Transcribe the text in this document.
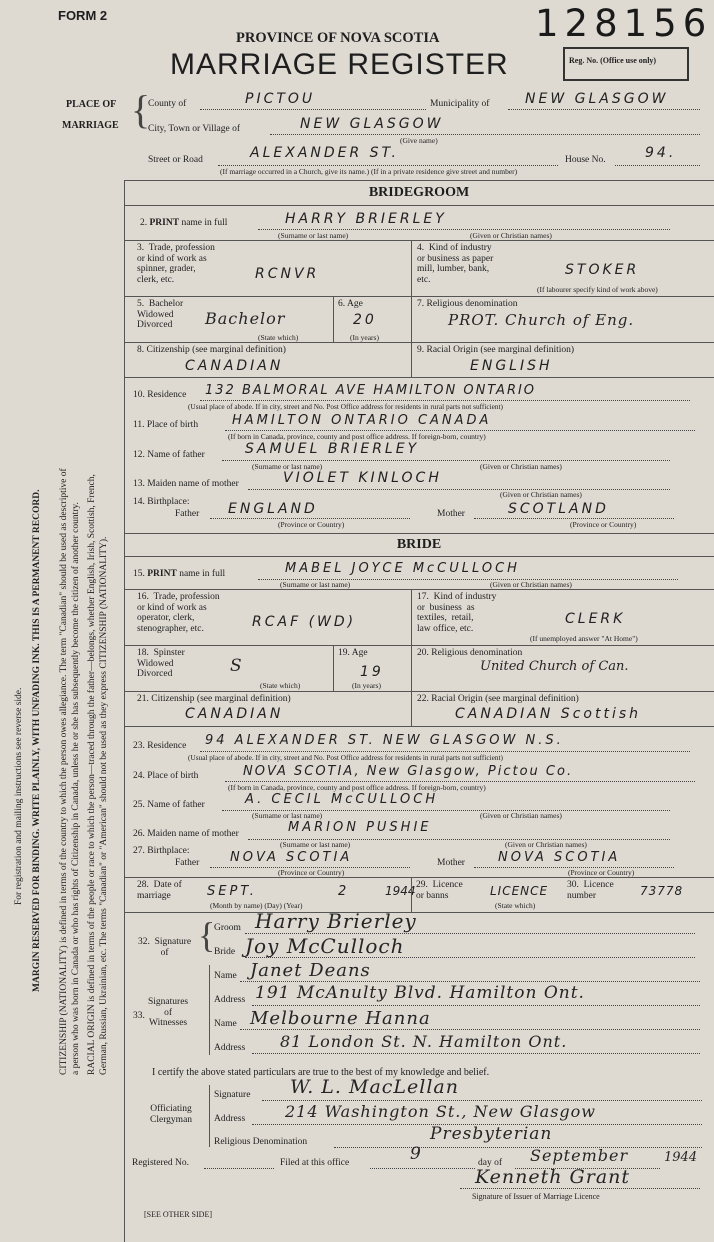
FORM 2
PROVINCE OF NOVA SCOTIA
MARRIAGE REGISTER
128156
Reg. No. (Office use only)
PLACE OF
MARRIAGE {
County of	PICTOU	Municipality of	NEW GLASGOW
City, Town or Village of	NEW GLASGOW
(Give name)
Street or Road	ALEXANDER ST.	House No.	94.
(If marriage occurred in a Church, give its name.) (If in a private residence give street and number)
For registration and mailing instructions see reverse side. MARGIN RESERVED FOR BINDING. WRITE PLAINLY, WITH UNFADING INK. THIS IS A PERMANENT RECORD. CITIZENSHIP (NATIONALITY) is defined in terms of the country to which the person owes allegiance. The term "Canadian" should be used as descriptive of a person who was born in Canada or who has rights of Citizenship in Canada, unless he or she has subsequently become the citizen of another country. RACIAL ORIGIN is defined in terms of the people or race to which the person—traced through the father—belongs, whether English, Irish, Scottish, French, German, Russian, Ukrainian, etc. The terms "Canadian" or "American" should not be used as they express CITIZENSHIP (NATIONALITY).
BRIDEGROOM
2. PRINT name in full	HARRY BRIERLEY
(Surname or last name)	(Given or Christian names)
3.  Trade, profession
or kind of work as
spinner, grader,
clerk, etc.	RCNVR
4.  Kind of industry
or business as paper
mill, lumber, bank,
etc.
STOKER
(If labourer specify kind of work above)
5.  Bachelor
Widowed
Divorced	Bachelor
(State which)
6. Age
20
(In years)
7. Religious denomination
PROT. Church of Eng.
8. Citizenship (see marginal definition)
CANADIAN
9. Racial Origin (see marginal definition)
ENGLISH
10. Residence 132 BALMORAL AVE HAMILTON ONTARIO
(Usual place of abode. If in city, street and No. Post Office address for residents in rural parts not sufficient)
11. Place of birth	HAMILTON ONTARIO CANADA
(If born in Canada, province, county and post office address. If foreign-born, country)
12. Name of father	SAMUEL BRIERLEY
(Surname or last name)	(Given or Christian names)
13. Maiden name of mother	VIOLET KINLOCH
(Given or Christian names)
14. Birthplace:
Father ENGLAND
(Province or Country)
Mother	SCOTLAND
(Province or Country)
BRIDE
15. PRINT name in full	MABEL JOYCE McCULLOCH
(Surname or last name)	(Given or Christian names)
16.  Trade, profession
or kind of work as
operator, clerk,
stenographer, etc.	RCAF (WD)
17.  Kind of industry
or  business  as
textiles,  retail,
law office, etc.
CLERK
(If unemployed answer "At Home")
18.  Spinster
Widowed
Divorced	S
(State which)
19. Age
19
(In years)
20. Religious denomination
United Church of Can.
21. Citizenship (see marginal definition)
CANADIAN
22. Racial Origin (see marginal definition)
CANADIAN Scottish
23. Residence 94 ALEXANDER ST. NEW GLASGOW N.S.
(Usual place of abode. If in city, street and No. Post Office address for residents in rural parts not sufficient)
24. Place of birth	NOVA SCOTIA, New Glasgow, Pictou Co.
(If born in Canada, province, county and post office address. If foreign-born, country)
25. Name of father	A. CECIL McCULLOCH
(Surname or last name)	(Given or Christian names)
26. Maiden name of mother	MARION PUSHIE
(Surname or last name)	(Given or Christian names)
27. Birthplace:
Father NOVA SCOTIA
(Province or Country)
Mother	NOVA SCOTIA
(Province or Country)
28.  Date of
marriage	SEPT.	2	1944
(Month by name) (Day) (Year)
29.  Licence
or banns	LICENCE
(State which)
30.  Licence
number	73778
32.  Signature
of {
Groom Harry Brierley
Bride Joy McCulloch
33.
Signatures
of
Witnesses
Name Janet Deans
Address 191 McAnulty Blvd. Hamilton Ont.
Name Melbourne Hanna
Address 81 London St. N. Hamilton Ont.
I certify the above stated particulars are true to the best of my knowledge and belief.
Officiating
Clergyman
Signature W. L. MacLellan
Address 214 Washington St., New Glasgow
Religious Denomination	Presbyterian
Registered No.	Filed at this office	9	day of September	1944
Kenneth Grant
Signature of Issuer of Marriage Licence
[SEE OTHER SIDE]
